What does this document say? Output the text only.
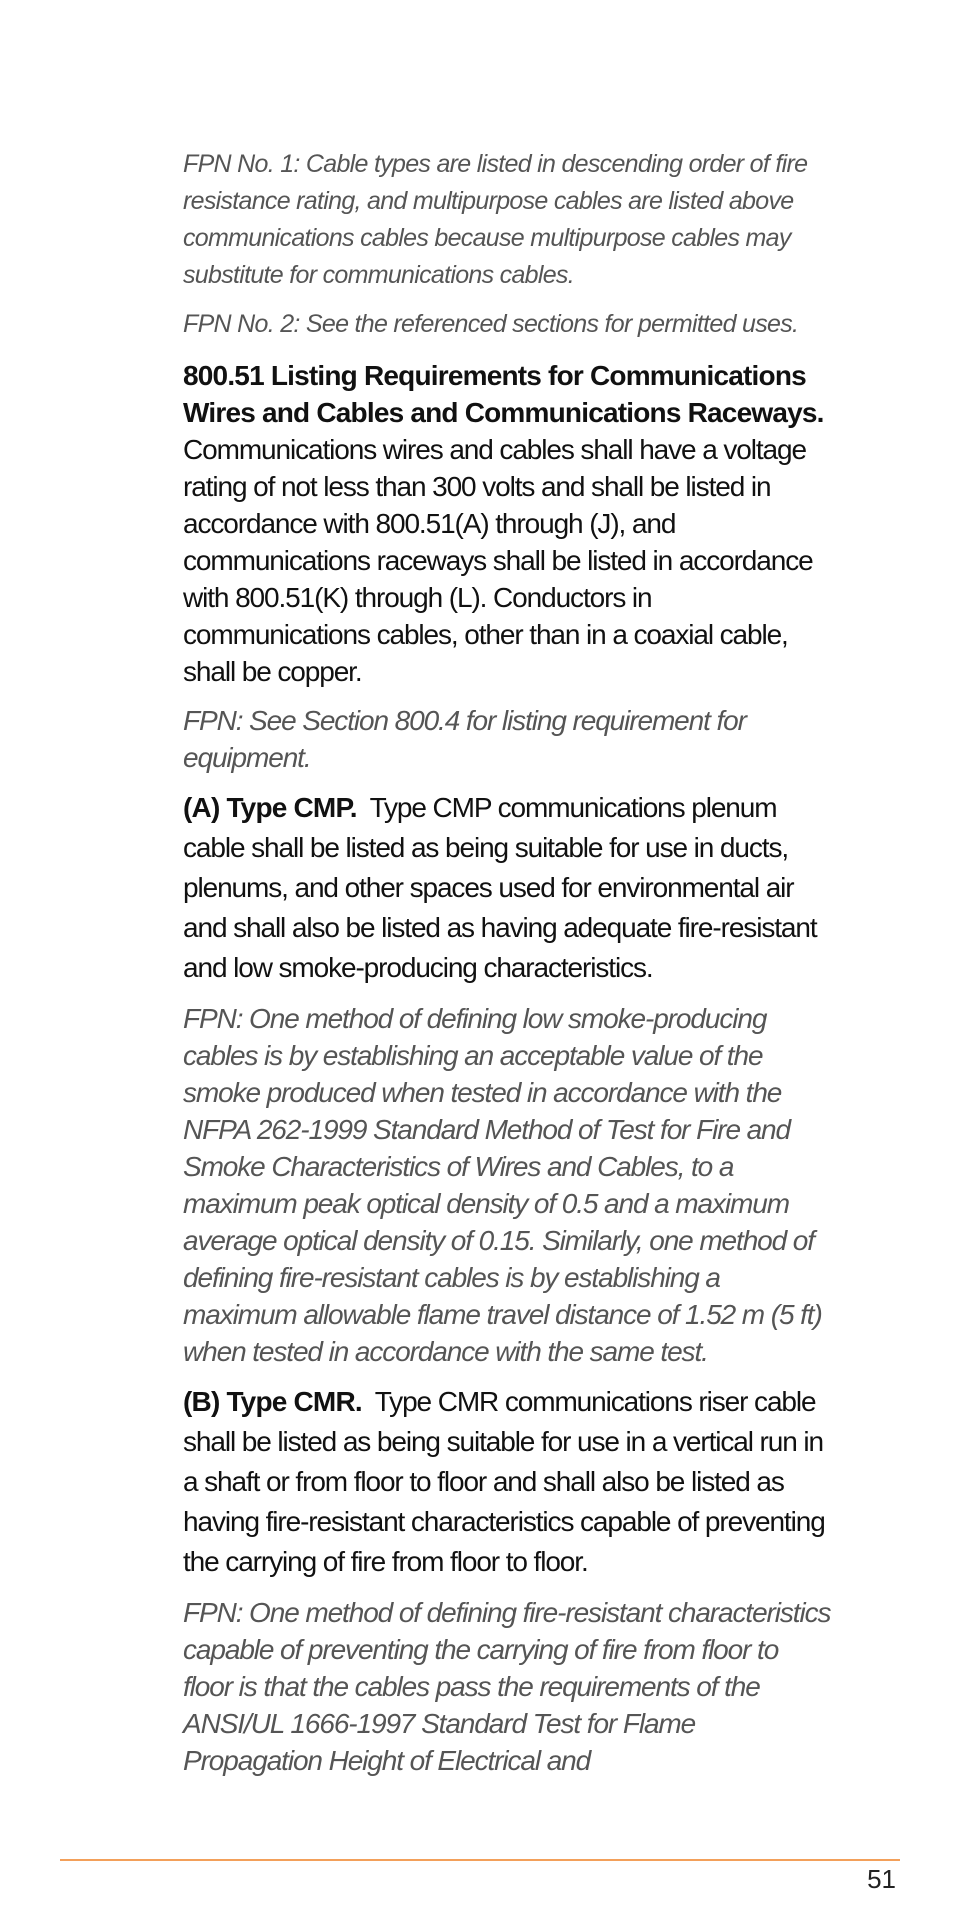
FPN No. 1: Cable types are listed in descending order of fire resistance rating, and multipurpose cables are listed above communications cables because multipurpose cables may substitute for communications cables.

FPN No. 2: See the referenced sections for permitted uses.

800.51 Listing Requirements for Communications Wires and Cables and Communications Raceways.  Communications wires and cables shall have a voltage rating of not less than 300 volts and shall be listed in accordance with 800.51(A) through (J), and communications raceways shall be listed in accordance with 800.51(K) through (L). Conductors in communications cables, other than in a coaxial cable, shall be copper.

FPN: See Section 800.4 for listing requirement for equipment.

(A) Type CMP. Type CMP communications plenum cable shall be listed as being suitable for use in ducts, plenums, and other spaces used for environmental air and shall also be listed as having adequate fire-resistant and low smoke-producing characteristics.

FPN: One method of defining low smoke-producing cables is by establishing an acceptable value of the smoke produced when tested in accordance with the NFPA 262-1999 Standard Method of Test for Fire and Smoke Characteristics of Wires and Cables, to a maximum peak optical density of 0.5 and a maximum average optical density of 0.15. Similarly, one method of defining fire-resistant cables is by establishing a maximum allowable flame travel distance of 1.52 m (5 ft) when tested in accordance with the same test.

(B) Type CMR. Type CMR communications riser cable shall be listed as being suitable for use in a vertical run in a shaft or from floor to floor and shall also be listed as having fire-resistant characteristics capable of preventing the carrying of fire from floor to floor.

FPN: One method of defining fire-resistant characteristics capable of preventing the carrying of fire from floor to floor is that the cables pass the requirements of the ANSI/UL 1666-1997 Standard Test for Flame Propagation Height of Electrical and

51
